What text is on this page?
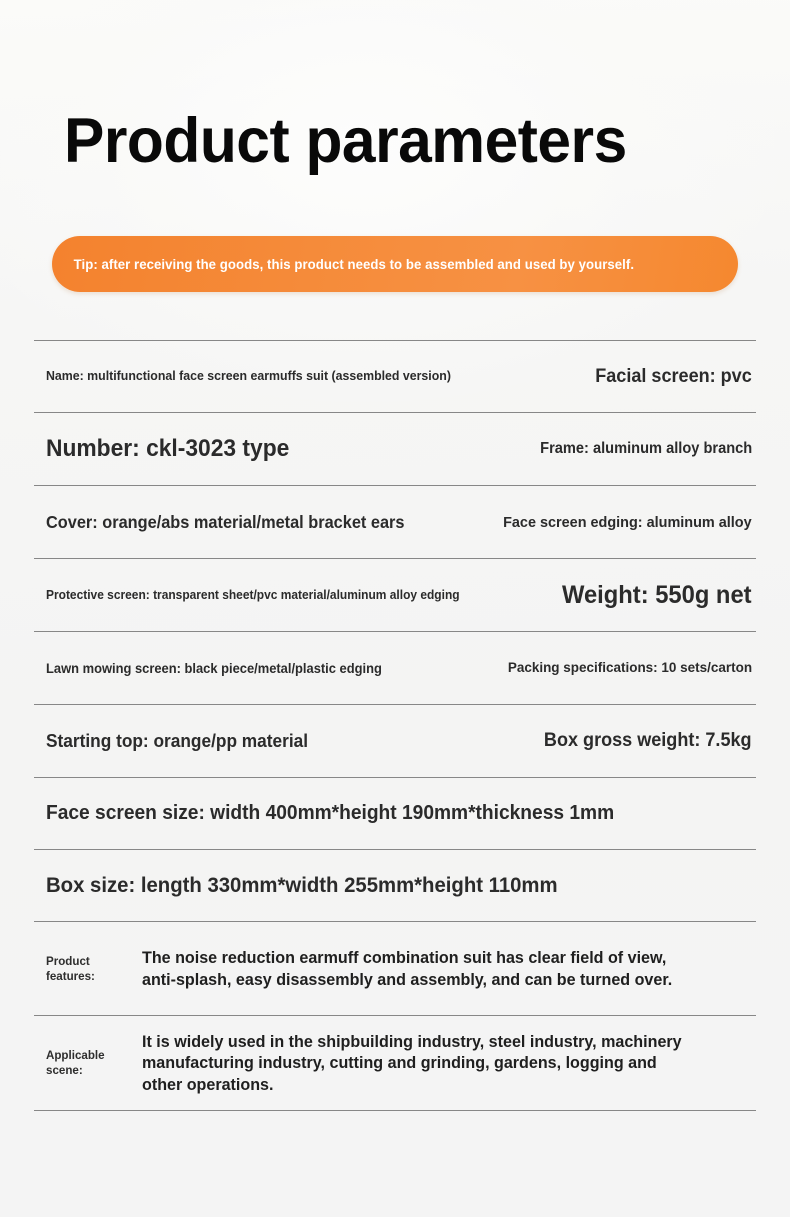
Product parameters
Tip: after receiving the goods, this product needs to be assembled and used by yourself.
Name: multifunctional face screen earmuffs suit (assembled version)	Facial screen: pvc
Number: ckl-3023 type	Frame: aluminum alloy branch
Cover: orange/abs material/metal bracket ears	Face screen edging: aluminum alloy
Protective screen: transparent sheet/pvc material/aluminum alloy edging	Weight: 550g net
Lawn mowing screen: black piece/metal/plastic edging	Packing specifications: 10 sets/carton
Starting top: orange/pp material	Box gross weight: 7.5kg
Face screen size: width 400mm*height 190mm*thickness 1mm
Box size: length 330mm*width 255mm*height 110mm
Product features:
The noise reduction earmuff combination suit has clear field of view, anti-splash, easy disassembly and assembly, and can be turned over.
Applicable scene:
It is widely used in the shipbuilding industry, steel industry, machinery manufacturing industry, cutting and grinding, gardens, logging and other operations.
